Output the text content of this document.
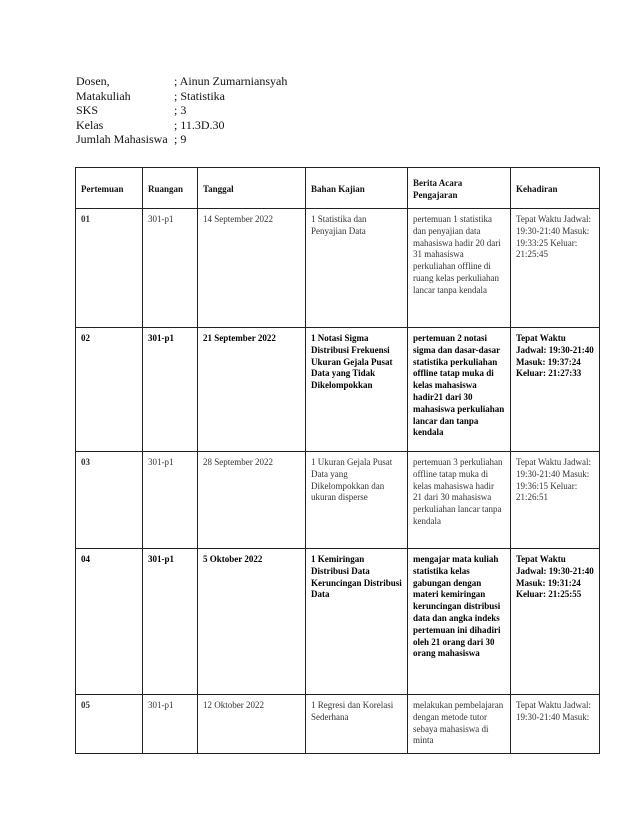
Dosen,	; Ainun Zumarniansyah
Matakuliah	; Statistika
SKS	; 3
Kelas	; 11.3D.30
Jumlah Mahasiswa ; 9
Pertemuan	Ruangan	Tanggal	Bahan Kajian	Berita Acara Pengajaran	Kehadiran
01	301-p1	14 September 2022	1 Statistika dan Penyajian Data	pertemuan 1 statistika dan penyajian data mahasiswa hadir 20 dari 31 mahasiswa perkuliahan offline di ruang kelas perkuliahan lancar tanpa kendala	Tepat Waktu Jadwal: 19:30-21:40 Masuk: 19:33:25 Keluar: 21:25:45
02	301-p1	21 September 2022	1 Notasi Sigma Distribusi Frekuensi Ukuran Gejala Pusat Data yang Tidak Dikelompokkan	pertemuan 2 notasi sigma dan dasar-dasar statistika perkuliahan offline tatap muka di kelas mahasiswa hadir21 dari 30 mahasiswa perkuliahan lancar dan tanpa kendala	Tepat Waktu Jadwal: 19:30-21:40 Masuk: 19:37:24 Keluar: 21:27:33
03	301-p1	28 September 2022	1 Ukuran Gejala Pusat Data yang Dikelompokkan dan ukuran disperse	pertemuan 3 perkuliahan offline tatap muka di kelas mahasiswa hadir 21 dari 30 mahasiswa perkuliahan lancar tanpa kendala	Tepat Waktu Jadwal: 19:30-21:40 Masuk: 19:36:15 Keluar: 21:26:51
04	301-p1	5 Oktober 2022	1 Kemiringan Distribusi Data Keruncingan Distribusi Data	mengajar mata kuliah statistika kelas gabungan dengan materi kemiringan keruncingan distribusi data dan angka indeks pertemuan ini dihadiri oleh 21 orang dari 30 orang mahasiswa	Tepat Waktu Jadwal: 19:30-21:40 Masuk: 19:31:24 Keluar: 21:25:55
05	301-p1	12 Oktober 2022	1 Regresi dan Korelasi Sederhana	melakukan pembelajaran dengan metode tutor sebaya mahasiswa di minta	Tepat Waktu Jadwal: 19:30-21:40 Masuk:
